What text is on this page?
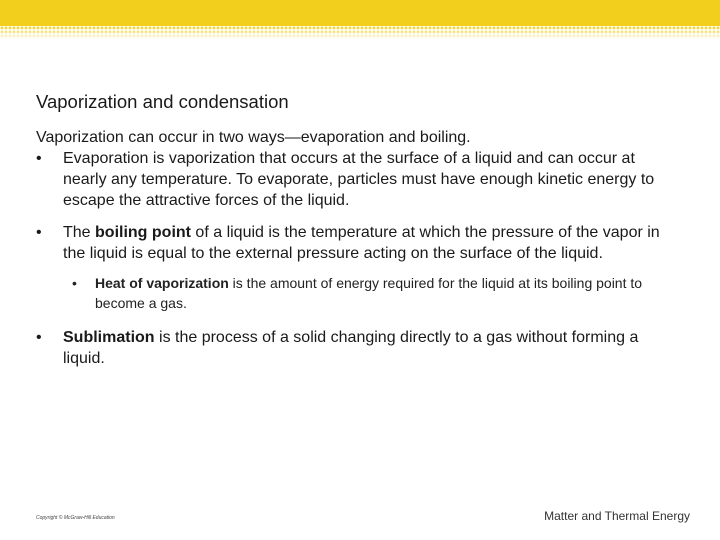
Vaporization and condensation

Vaporization can occur in two ways—evaporation and boiling.

• Evaporation is vaporization that occurs at the surface of a liquid and can occur at nearly any temperature. To evaporate, particles must have enough kinetic energy to escape the attractive forces of the liquid.

• The boiling point of a liquid is the temperature at which the pressure of the vapor in the liquid is equal to the external pressure acting on the surface of the liquid.

• Heat of vaporization is the amount of energy required for the liquid at its boiling point to become a gas.

• Sublimation is the process of a solid changing directly to a gas without forming a liquid.

Copyright © McGraw-Hill Education	Matter and Thermal Energy
